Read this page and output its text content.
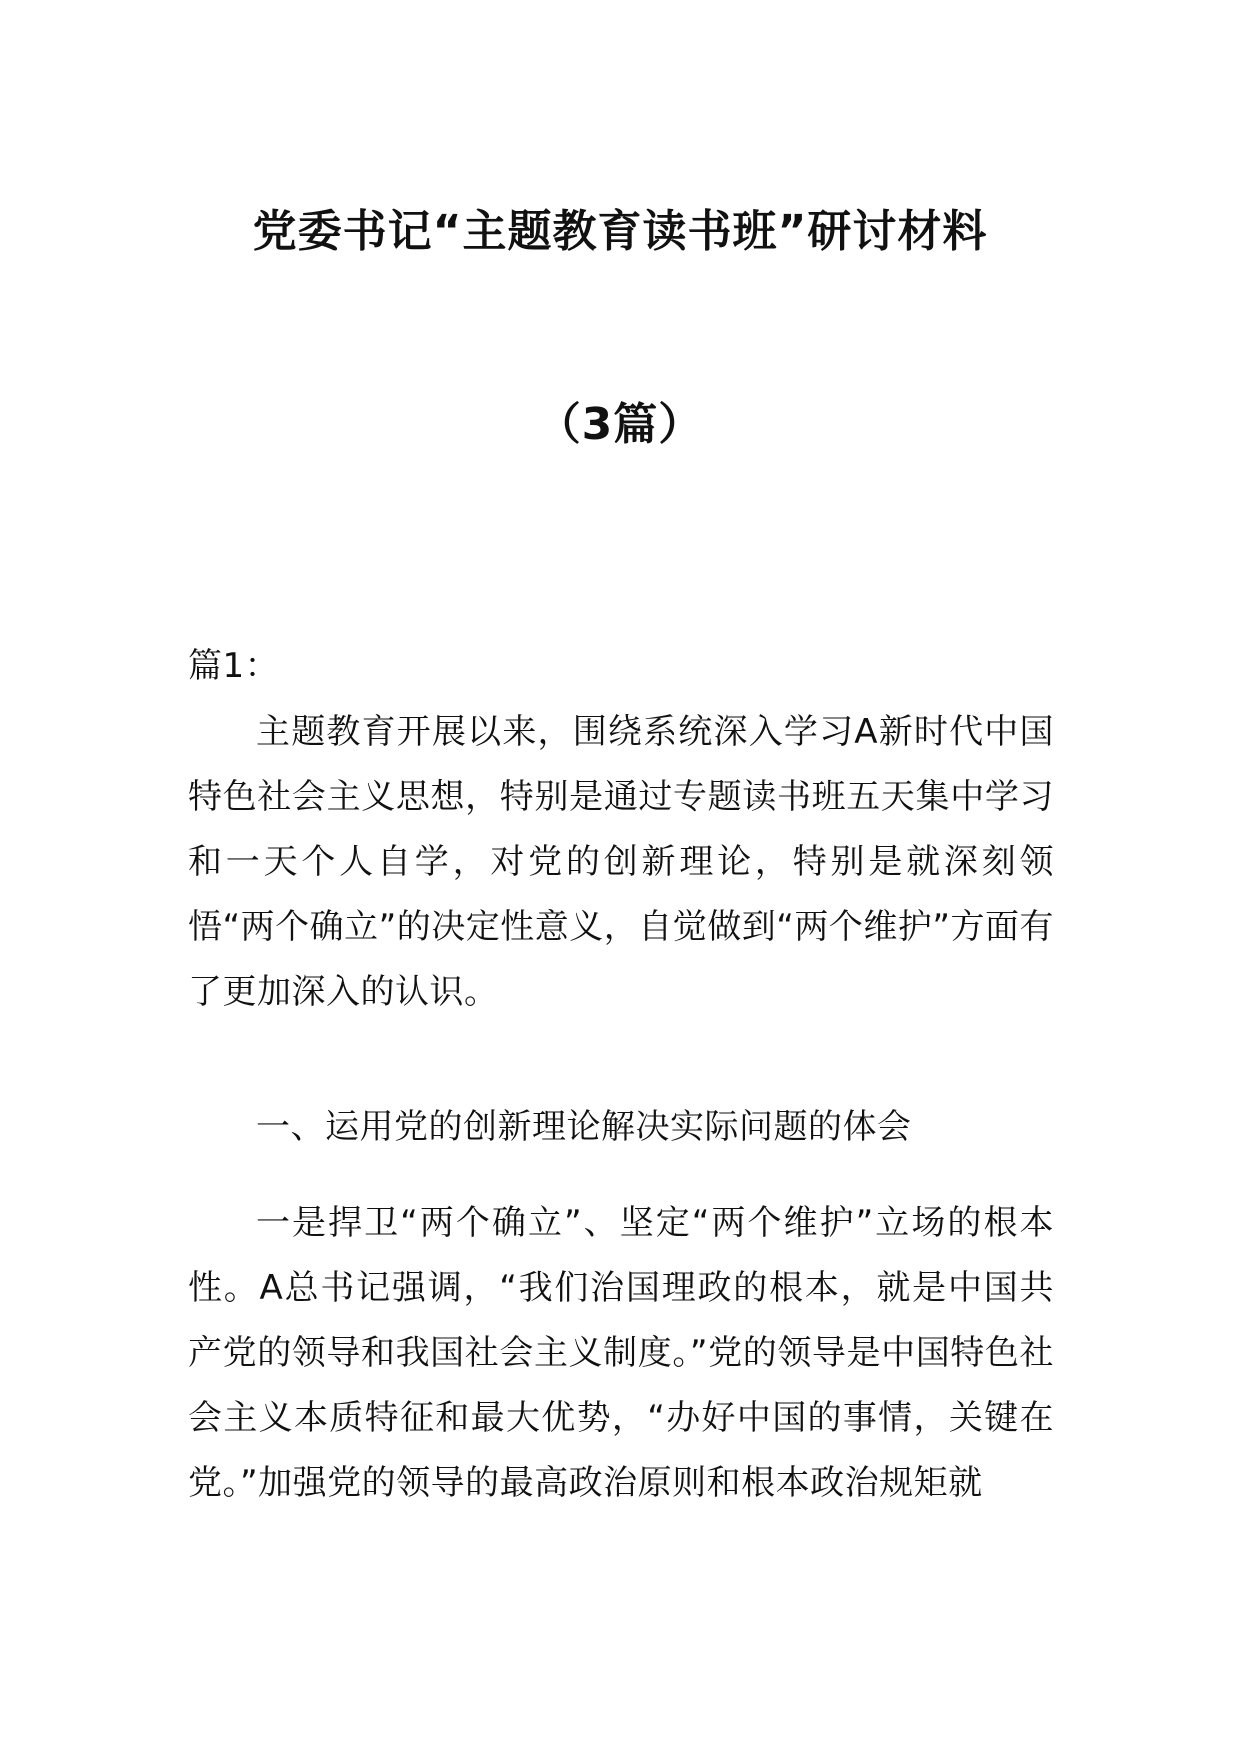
党委书记“主题教育读书班”研讨材料
（3篇）

篇1：

主题教育开展以来，围绕系统深入学习A新时代中国特色社会主义思想，特别是通过专题读书班五天集中学习和一天个人自学，对党的创新理论，特别是就深刻领悟“两个确立”的决定性意义，自觉做到“两个维护”方面有了更加深入的认识。

一、运用党的创新理论解决实际问题的体会

一是捍卫“两个确立”、坚定“两个维护”立场的根本性。A总书记强调，“我们治国理政的根本，就是中国共产党的领导和我国社会主义制度。”党的领导是中国特色社会主义本质特征和最大优势，“办好中国的事情，关键在党。”加强党的领导的最高政治原则和根本政治规矩就
